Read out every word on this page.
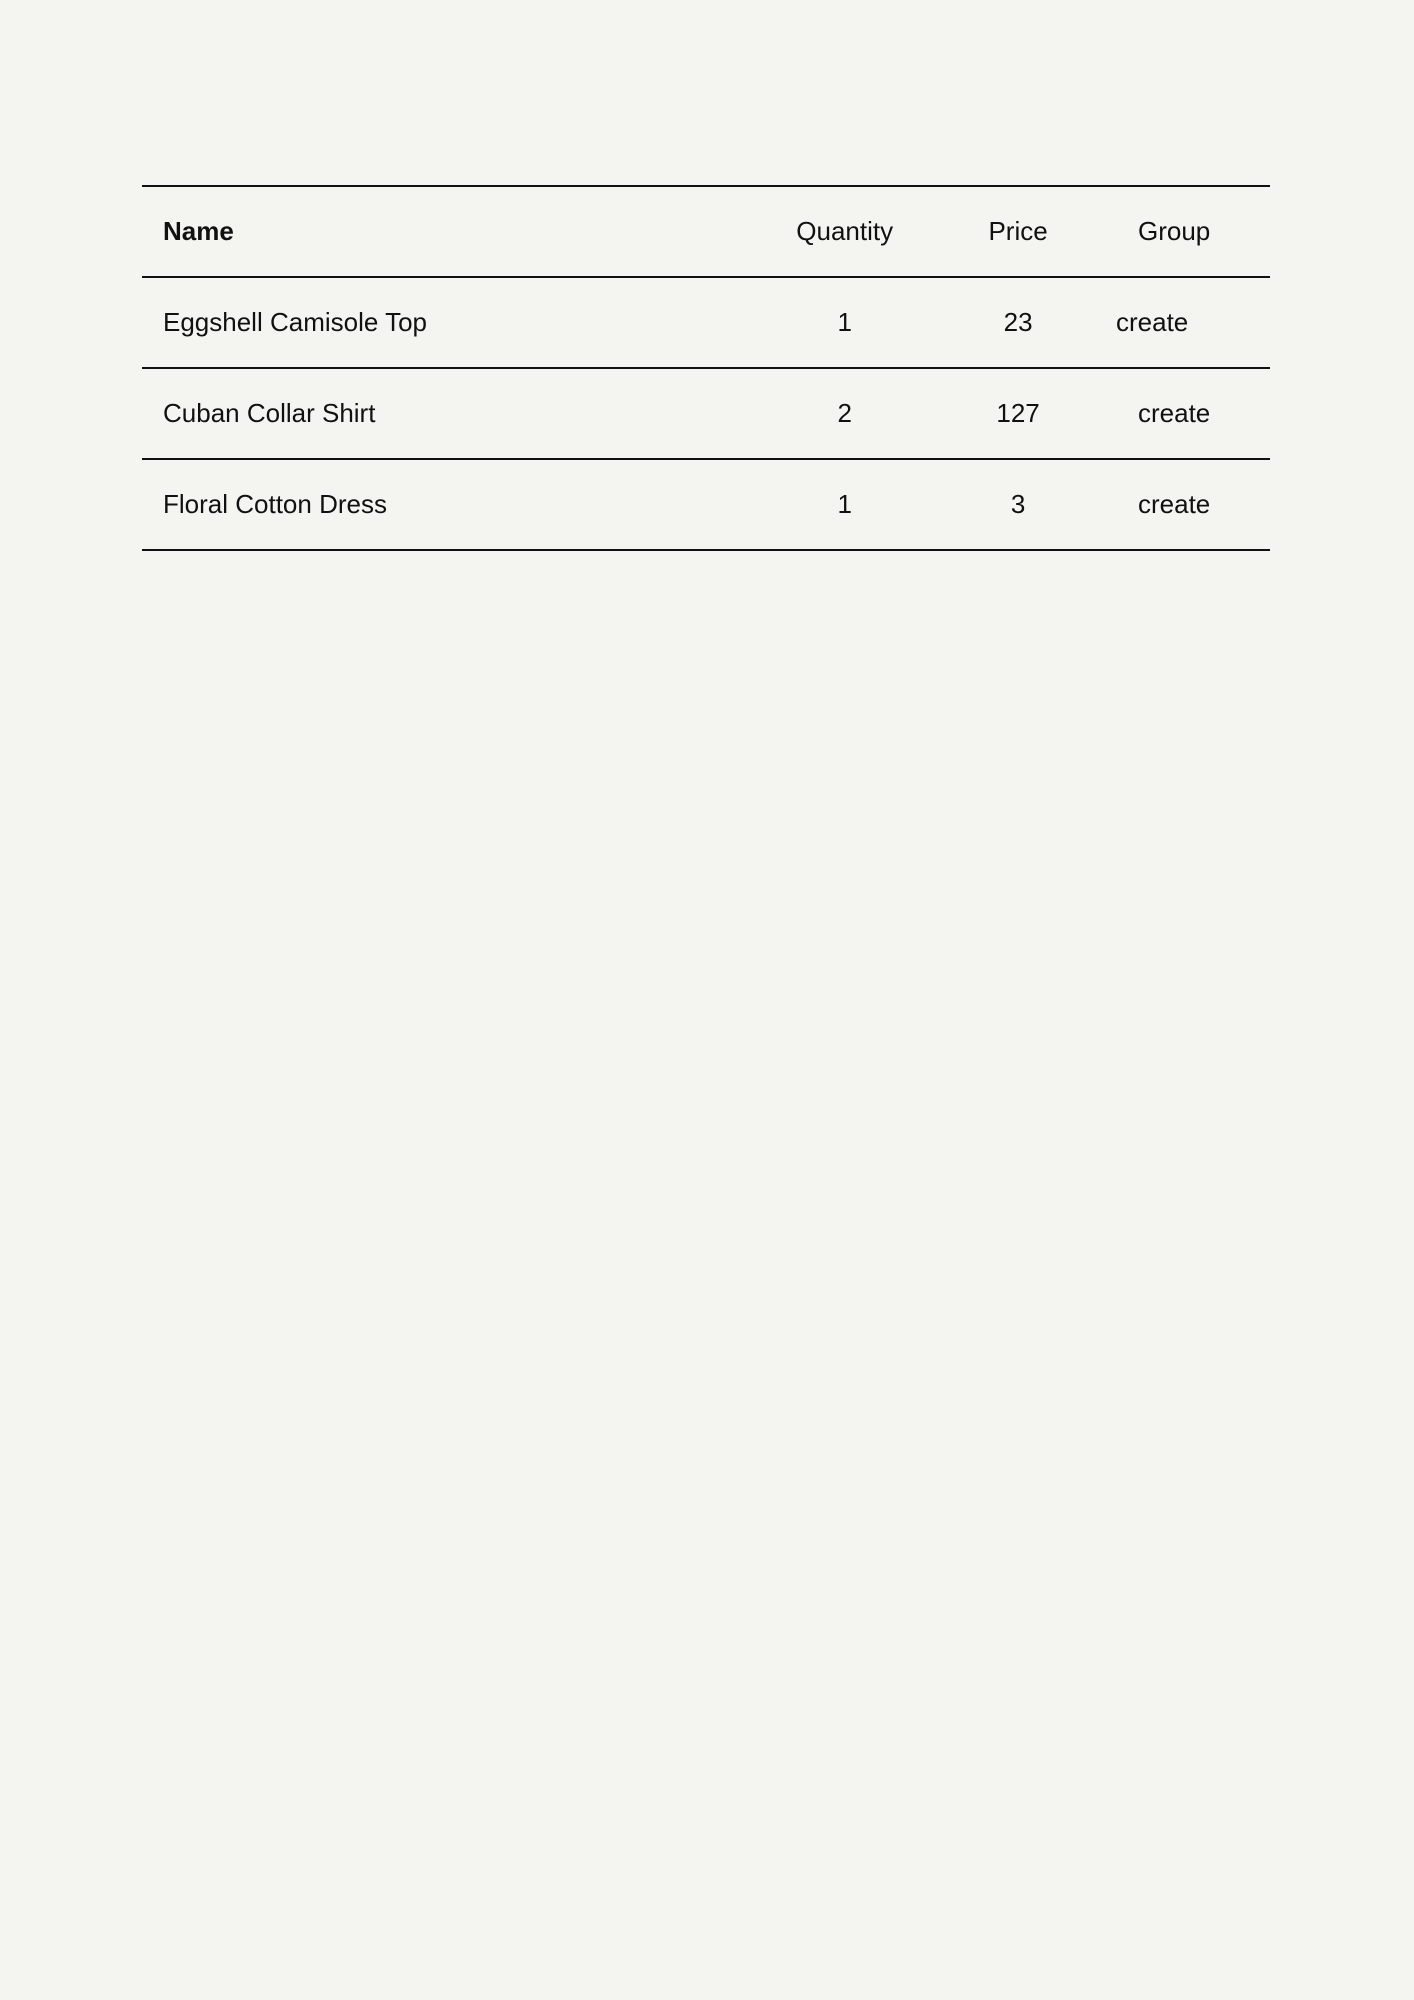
Name	Quantity	Price	Group
Eggshell Camisole Top	1	23	create
Cuban Collar Shirt	2	127	create
Floral Cotton Dress	1	3	create
